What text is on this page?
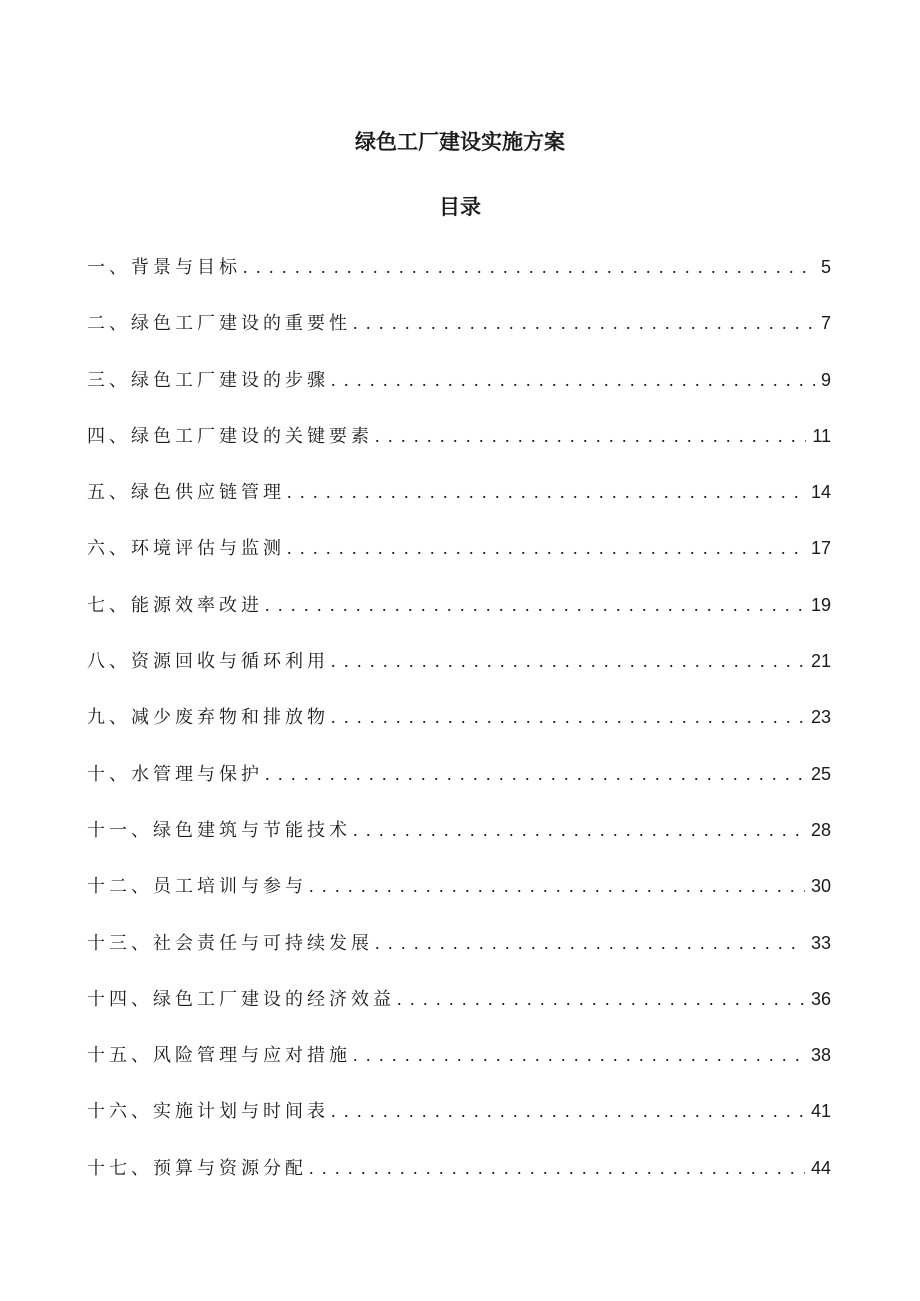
绿色工厂建设实施方案
目录
一、背景与目标 . . .	5
二、绿色工厂建设的重要性 . . .	7
三、绿色工厂建设的步骤 . . .	9
四、绿色工厂建设的关键要素 . . .	11
五、绿色供应链管理 . . .	14
六、环境评估与监测 . . .	17
七、能源效率改进 . . .	19
八、资源回收与循环利用 . . .	21
九、减少废弃物和排放物 . . .	23
十、水管理与保护 . . .	25
十一、绿色建筑与节能技术 . . .	28
十二、员工培训与参与 . . .	30
十三、社会责任与可持续发展 . . .	33
十四、绿色工厂建设的经济效益 . . .	36
十五、风险管理与应对措施 . . .	38
十六、实施计划与时间表 . . .	41
十七、预算与资源分配 . . .	44
